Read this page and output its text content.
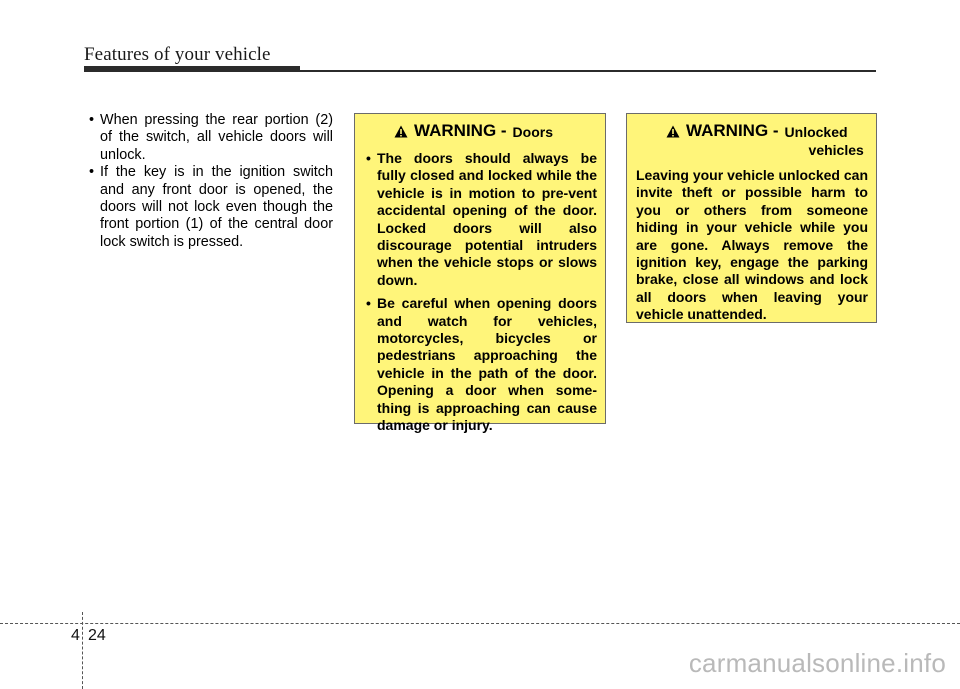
Features of your vehicle
• When pressing the rear portion (2) of the switch, all vehicle doors will unlock.
• If the key is in the ignition switch and any front door is opened, the doors will not lock even though the front portion (1) of the central door lock switch is pressed.
WARNING - Doors
• The doors should always be fully closed and locked while the vehicle is in motion to pre-vent accidental opening of the door. Locked doors will also discourage potential intruders when the vehicle stops or slows down.
• Be careful when opening doors and watch for vehicles, motorcycles, bicycles or pedestrians approaching the vehicle in the path of the door. Opening a door when some-thing is approaching can cause damage or injury.
WARNING - Unlocked
vehicles
Leaving your vehicle unlocked can invite theft or possible harm to you or others from someone hiding in your vehicle while you are gone. Always remove the ignition key, engage the parking brake, close all windows and lock all doors when leaving your vehicle unattended.
4 24
carmanualsonline.info
